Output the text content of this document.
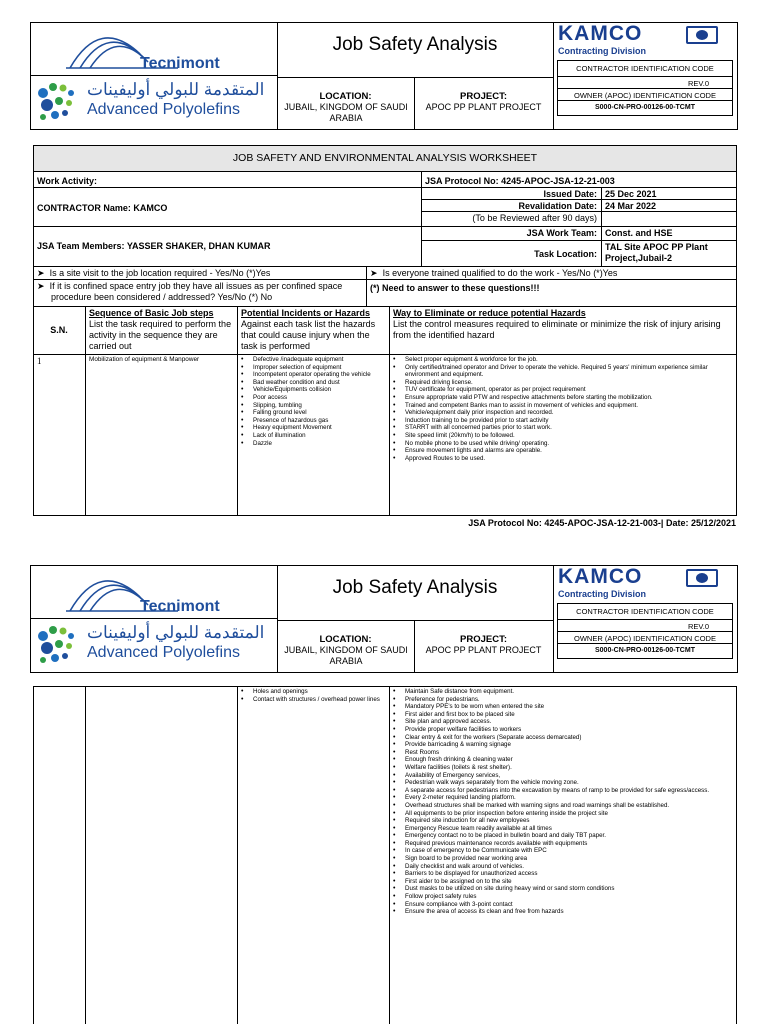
Tecnimont
المتقدمة للبولي أوليفينات
Advanced Polyolefins
Job Safety Analysis
LOCATION:
JUBAIL, KINGDOM OF SAUDI ARABIA
PROJECT:
APOC PP PLANT PROJECT
KAMCO
Contracting Division
CONTRACTOR IDENTIFICATION CODE
REV.0
OWNER (APOC) IDENTIFICATION CODE
S000-CN-PRO-00126-00-TCMT
JOB SAFETY AND ENVIRONMENTAL ANALYSIS WORKSHEET
Work Activity:	JSA Protocol No: 4245-APOC-JSA-12-21-003
CONTRACTOR Name: KAMCO
Issued Date: 25 Dec 2021
Revalidation Date: 24 Mar 2022
(To be Reviewed after 90 days)
JSA Team Members: YASSER SHAKER, DHAN KUMAR
JSA Work Team: Const. and HSE
Task Location:
TAL Site APOC PP Plant Project,Jubail-2
➤ Is a site visit to the job location required - Yes/No (*)Yes	➤ Is everyone trained qualified to do the work - Yes/No (*)Yes
➤ If it is confined space entry job they have all issues as per confined space procedure been considered / addressed? Yes/No (*) No
(*) Need to answer to these questions!!!
S.N.
Sequence of Basic Job steps
List the task required to perform the activity in the sequence they are carried out
Potential Incidents or Hazards
Against each task list the hazards that could cause injury when the task is performed
Way to Eliminate or reduce potential Hazards
List the control measures required to eliminate or minimize the risk of injury arising from the identified hazard
1	Mobilization of equipment & Manpower
•	Defective /inadequate equipment
• Improper selection of equipment
• Incompetent operator operating the vehicle
• Bad weather condition and dust
• Vehicle/Equipments collision
• Poor access
• Slipping, tumbling
• Falling ground level
• Presence of hazardous gas
• Heavy equipment Movement
• Lack of illumination
• Dazzle
• Select proper equipment & workforce for the job.
• Only certified/trained operator and Driver to operate the vehicle. Required 5 years' minimum experience similar environment and equipment.
• Required driving license.
• TUV certificate for equipment, operator as per project requirement
• Ensure appropriate valid PTW and respective attachments before starting the mobilization.
• Trained and competent Banks man to assist in movement of vehicles and equipment.
• Vehicle/equipment daily prior inspection and recorded.
• Induction training to be provided prior to start activity
• STARRT with all concerned parties prior to start work.
• Site speed limit (20km/h) to be followed.
• No mobile phone to be used while driving/ operating.
• Ensure movement lights and alarms are operable.
• Approved Routes to be used.
JSA Protocol No: 4245-APOC-JSA-12-21-003-| Date: 25/12/2021
Tecnimont
المتقدمة للبولي أوليفينات
Advanced Polyolefins
Job Safety Analysis
LOCATION:
JUBAIL, KINGDOM OF SAUDI ARABIA
PROJECT:
APOC PP PLANT PROJECT
KAMCO
Contracting Division
CONTRACTOR IDENTIFICATION CODE
REV.0
OWNER (APOC) IDENTIFICATION CODE
S000-CN-PRO-00126-00-TCMT
• Holes and openings
• Contact with structures / overhead power lines
• Maintain Safe distance from equipment.
• Preference for pedestrians.
• Mandatory PPE's to be worn when entered the site
• First aider and first box to be placed site
• Site plan and approved access.
• Provide proper welfare facilities to workers
• Clear entry & exit for the workers (Separate access demarcated)
• Provide barricading & warning signage
• Rest Rooms
• Enough fresh drinking & cleaning water
• Welfare facilities (toilets & rest shelter).
• Availability of Emergency services,
• Pedestrian walk ways separately from the vehicle moving zone.
• A separate access for pedestrians into the excavation by means of ramp to be provided for safe egress/access.
• Every 2-meter required landing platform.
• Overhead structures shall be marked with warning signs and road warnings shall be established.
• All equipments to be prior inspection before entering inside the project site
• Required site induction for all new employees
• Emergency Rescue team readily available at all times
• Emergency contact no to be placed in bulletin board and daily TBT paper.
• Required previous maintenance records available with equipments
• In case of emergency to be Communicate with EPC
• Sign board to be provided near working area
• Daily checklist and walk around of vehicles.
• Barriers to be displayed for unauthorized access
• First aider to be assigned on to the site
• Dust masks to be utilized on site during heavy wind or sand storm conditions
• Follow project safety rules
• Ensure compliance with 3-point contact
• Ensure the area of access its clean and free from hazards
